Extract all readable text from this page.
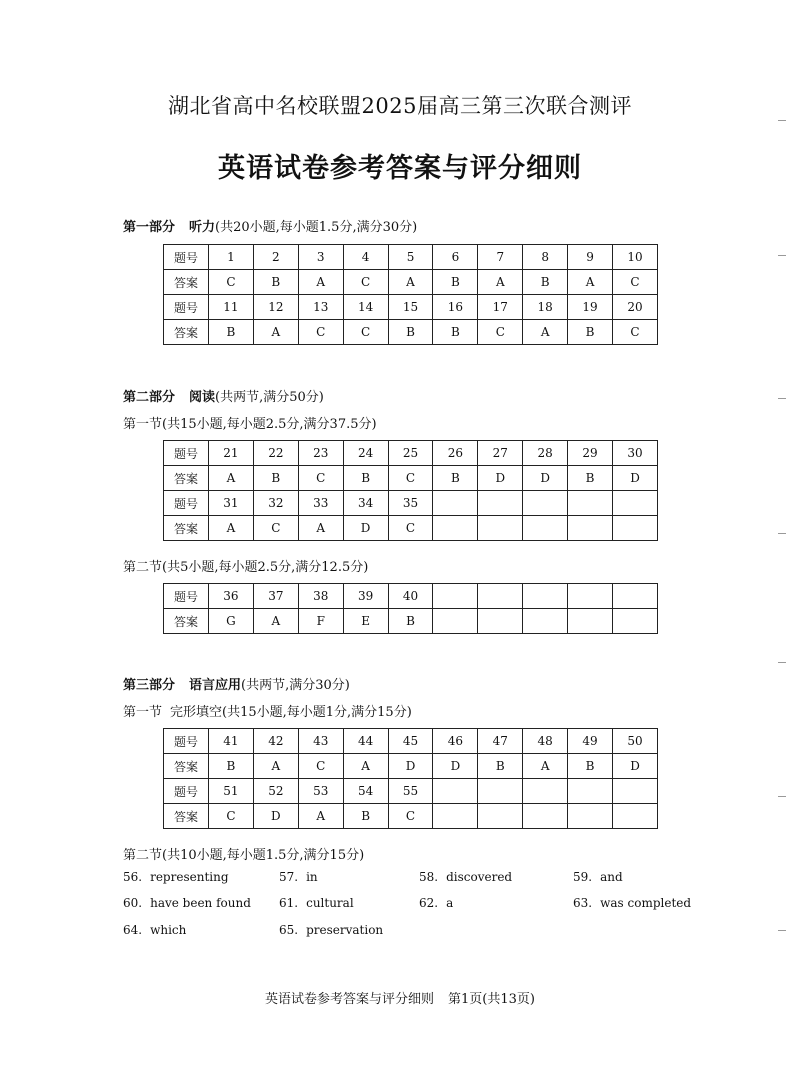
湖北省高中名校联盟2025届高三第三次联合测评
英语试卷参考答案与评分细则
第一部分 听力(共20小题,每小题1.5分,满分30分)
题号	1	2	3	4	5	6	7	8	9	10
答案	C	B	A	C	A	B	A	B	A	C
题号	11	12	13	14	15	16	17	18	19	20
答案	B	A	C	C	B	B	C	A	B	C
第二部分 阅读(共两节,满分50分)
第一节(共15小题,每小题2.5分,满分37.5分)
题号	21	22	23	24	25	26	27	28	29	30
答案	A	B	C	B	C	B	D	D	B	D
题号	31	32	33	34	35					
答案	A	C	A	D	C					
第二节(共5小题,每小题2.5分,满分12.5分)
题号	36	37	38	39	40					
答案	G	A	F	E	B					
第三部分 语言应用(共两节,满分30分)
第一节 完形填空(共15小题,每小题1分,满分15分)
题号	41	42	43	44	45	46	47	48	49	50
答案	B	A	C	A	D	D	B	A	B	D
题号	51	52	53	54	55					
答案	C	D	A	B	C					
第二节(共10小题,每小题1.5分,满分15分)
56. representing	57. in	58. discovered	59. and
60. have been found 61. cultural	62. a	63. was completed
64. which	65. preservation
英语试卷参考答案与评分细则 第1页(共13页)
